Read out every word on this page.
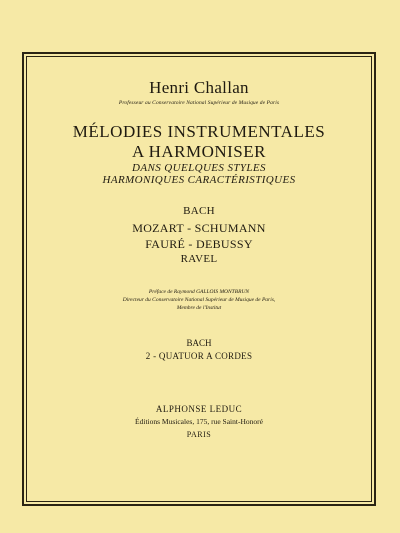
Henri Challan
Professeur au Conservatoire National Supérieur de Musique de Paris
MÉLODIES INSTRUMENTALES
A HARMONISER
DANS QUELQUES STYLES
HARMONIQUES CARACTÉRISTIQUES
BACH
MOZART - SCHUMANN
FAURÉ - DEBUSSY
RAVEL
Préface de Raymond GALLOIS MONTBRUN
Directeur du Conservatoire National Supérieur de Musique de Paris,
Membre de l'Institut
BACH
2 - QUATUOR A CORDES
ALPHONSE LEDUC
Éditions Musicales, 175, rue Saint-Honoré
PARIS
